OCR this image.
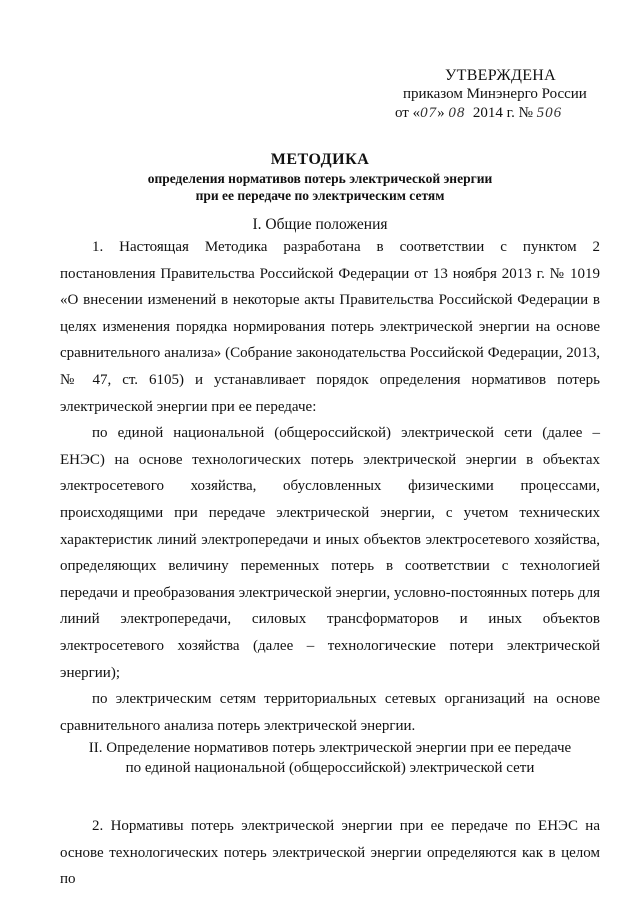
УТВЕРЖДЕНА
приказом Минэнерго России
от «07» 08 2014 г. № 506
МЕТОДИКА
определения нормативов потерь электрической энергии
при ее передаче по электрическим сетям
I. Общие положения

1. Настоящая Методика разработана в соответствии с пунктом 2 постановления Правительства Российской Федерации от 13 ноября 2013 г. № 1019 «О внесении изменений в некоторые акты Правительства Российской Федерации в целях изменения порядка нормирования потерь электрической энергии на основе сравнительного анализа» (Собрание законодательства Российской Федерации, 2013, № 47, ст. 6105) и устанавливает порядок определения нормативов потерь электрической энергии при ее передаче:

по единой национальной (общероссийской) электрической сети (далее – ЕНЭС) на основе технологических потерь электрической энергии в объектах электросетевого хозяйства, обусловленных физическими процессами, происходящими при передаче электрической энергии, с учетом технических характеристик линий электропередачи и иных объектов электросетевого хозяйства, определяющих величину переменных потерь в соответствии с технологией передачи и преобразования электрической энергии, условно-постоянных потерь для линий электропередачи, силовых трансформаторов и иных объектов электросетевого хозяйства (далее – технологические потери электрической энергии);

по электрическим сетям территориальных сетевых организаций на основе сравнительного анализа потерь электрической энергии.

II. Определение нормативов потерь электрической энергии при ее передаче
по единой национальной (общероссийской) электрической сети

2. Нормативы потерь электрической энергии при ее передаче по ЕНЭС на основе технологических потерь электрической энергии определяются как в целом по
